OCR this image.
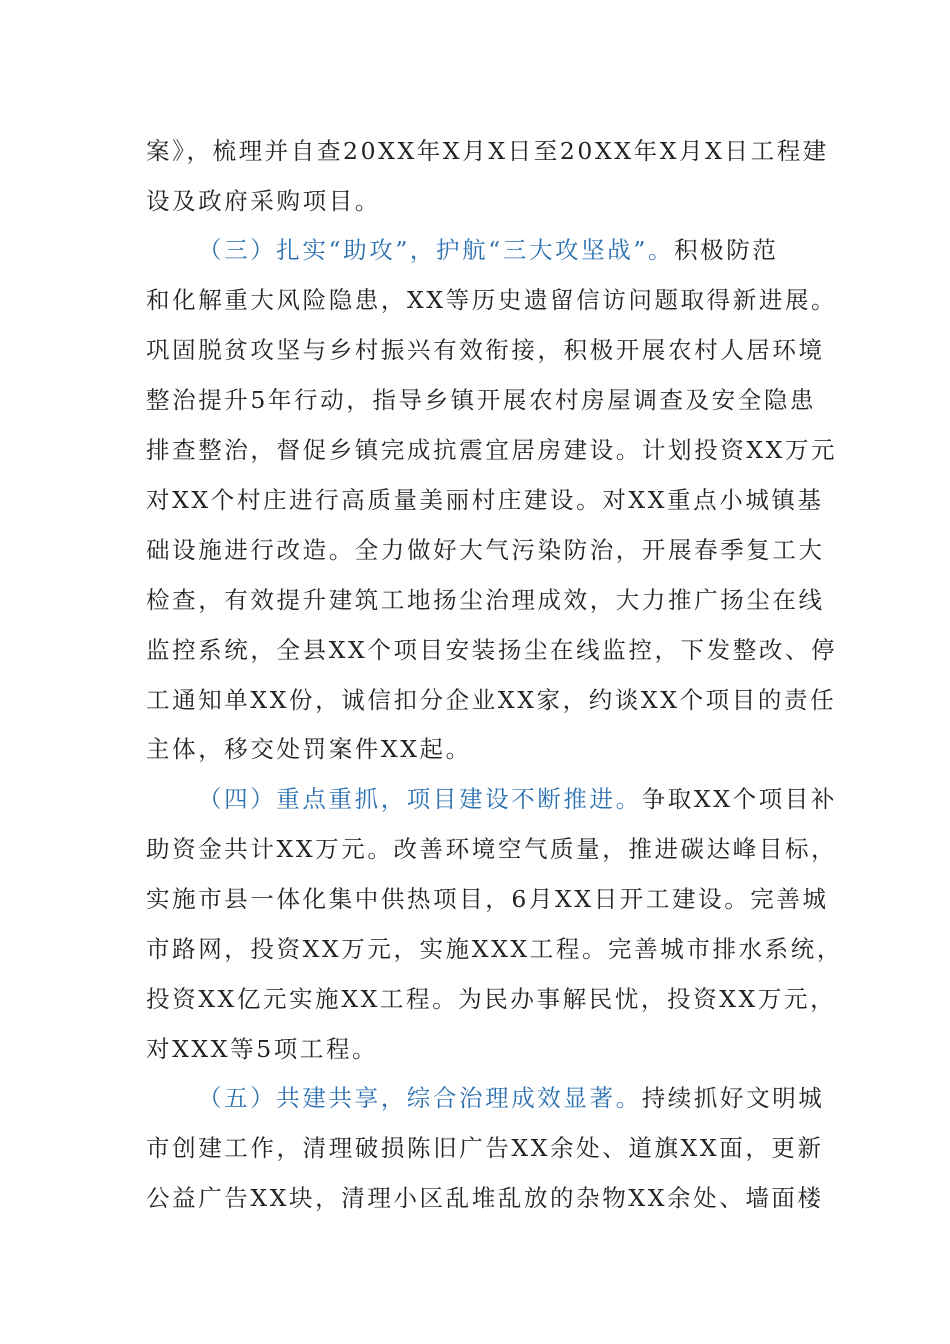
案》，梳理并自查20XX年X月X日至20XX年X月X日工程建
设及政府采购项目。
（三）扎实“助攻”，护航“三大攻坚战”。积极防范
和化解重大风险隐患，XX等历史遗留信访问题取得新进展。
巩固脱贫攻坚与乡村振兴有效衔接，积极开展农村人居环境
整治提升5年行动，指导乡镇开展农村房屋调查及安全隐患
排查整治，督促乡镇完成抗震宜居房建设。计划投资XX万元
对XX个村庄进行高质量美丽村庄建设。对XX重点小城镇基
础设施进行改造。全力做好大气污染防治，开展春季复工大
检查，有效提升建筑工地扬尘治理成效，大力推广扬尘在线
监控系统，全县XX个项目安装扬尘在线监控，下发整改、停
工通知单XX份，诚信扣分企业XX家，约谈XX个项目的责任
主体，移交处罚案件XX起。
（四）重点重抓，项目建设不断推进。争取XX个项目补
助资金共计XX万元。改善环境空气质量，推进碳达峰目标，
实施市县一体化集中供热项目，6月XX日开工建设。完善城
市路网，投资XX万元，实施XXX工程。完善城市排水系统，
投资XX亿元实施XX工程。为民办事解民忧，投资XX万元，
对XXX等5项工程。
（五）共建共享，综合治理成效显著。持续抓好文明城
市创建工作，清理破损陈旧广告XX余处、道旗XX面，更新
公益广告XX块，清理小区乱堆乱放的杂物XX余处、墙面楼
